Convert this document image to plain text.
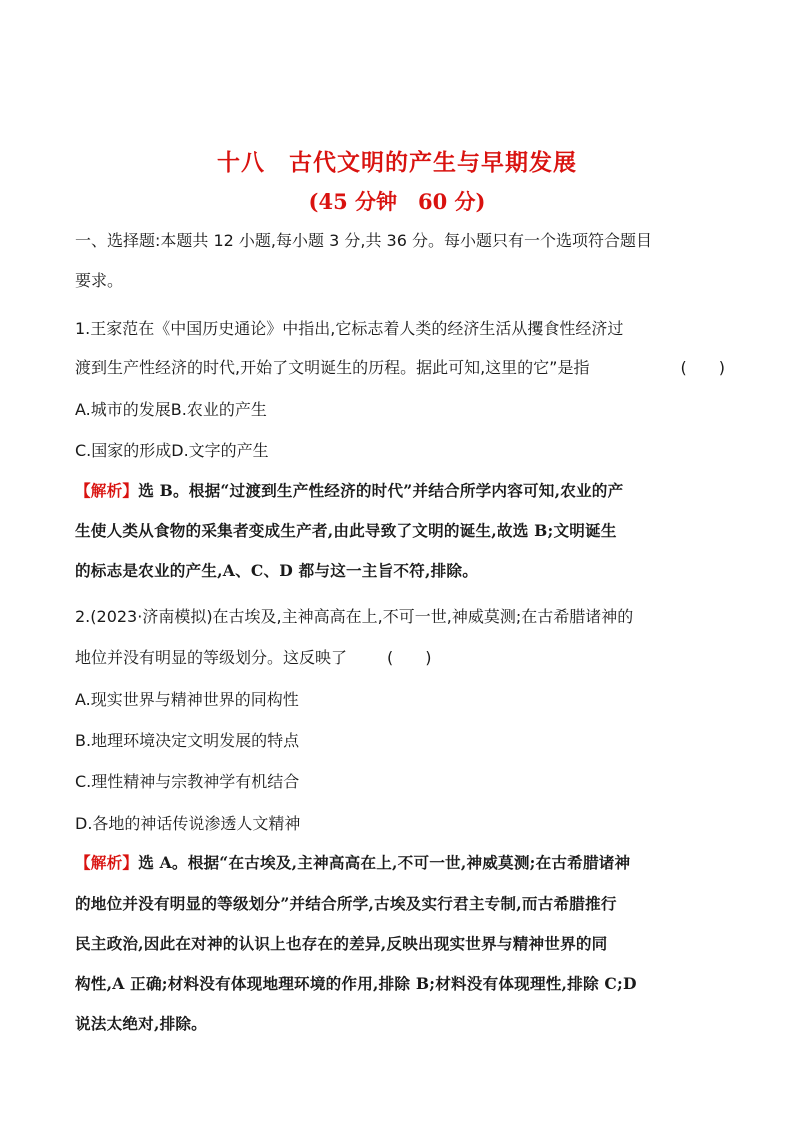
十八　古代文明的产生与早期发展
(45 分钟　60 分)
一、选择题:本题共 12 小题,每小题 3 分,共 36 分。每小题只有一个选项符合题目
要求。
1.王家范在《中国历史通论》中指出,它标志着人类的经济生活从攫食性经济过
渡到生产性经济的时代,开始了文明诞生的历程。据此可知,这里的它”是指	(　　)
A.城市的发展B.农业的产生
C.国家的形成D.文字的产生
【解析】选 B。根据“过渡到生产性经济的时代”并结合所学内容可知,农业的产
生使人类从食物的采集者变成生产者,由此导致了文明的诞生,故选 B;文明诞生
的标志是农业的产生,A、C、D 都与这一主旨不符,排除。
2.(2023·济南模拟)在古埃及,主神高高在上,不可一世,神威莫测;在古希腊诸神的
地位并没有明显的等级划分。这反映了 (　　)
A.现实世界与精神世界的同构性
B.地理环境决定文明发展的特点
C.理性精神与宗教神学有机结合
D.各地的神话传说渗透人文精神
【解析】选 A。根据“在古埃及,主神高高在上,不可一世,神威莫测;在古希腊诸神
的地位并没有明显的等级划分”并结合所学,古埃及实行君主专制,而古希腊推行
民主政治,因此在对神的认识上也存在的差异,反映出现实世界与精神世界的同
构性,A 正确;材料没有体现地理环境的作用,排除 B;材料没有体现理性,排除 C;D
说法太绝对,排除。
